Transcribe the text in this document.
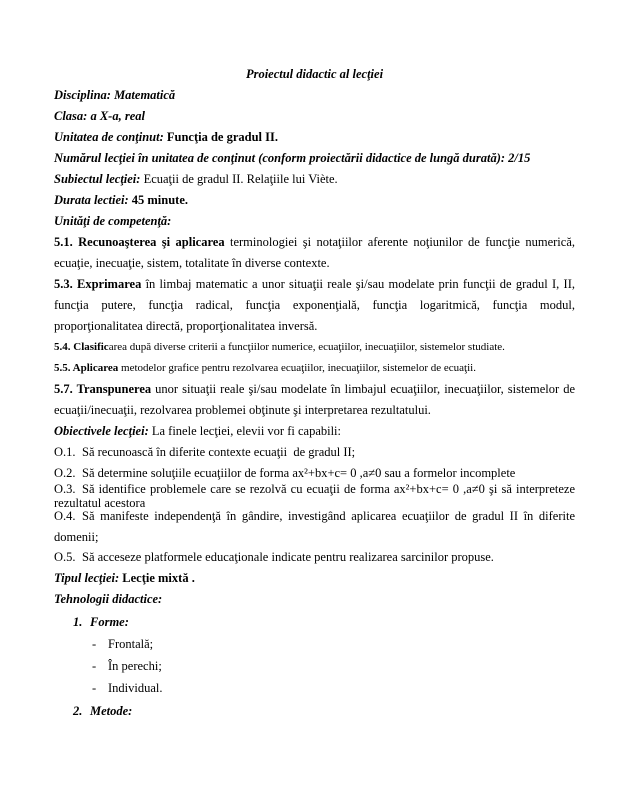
Proiectul didactic al lecţiei

Disciplina: Matematică

Clasa: a X-a, real

Unitatea de conţinut: Funcţia de gradul II.

Numărul lecţiei în unitatea de conţinut (conform proiectării didactice de lungă durată): 2/15

Subiectul lecţiei: Ecuaţii de gradul II. Relaţiile lui Viète.

Durata lectiei: 45 minute.

Unităţi de competenţă:

5.1. Recunoaşterea şi aplicarea terminologiei şi notaţiilor aferente noţiunilor de funcţie numerică, ecuaţie, inecuaţie, sistem, totalitate în diverse contexte.

5.3. Exprimarea în limbaj matematic a unor situaţii reale şi/sau modelate prin funcţii de gradul I, II, funcţia putere, funcţia radical, funcţia exponenţială, funcţia logaritmică, funcţia modul, proporţionalitatea directă, proporţionalitatea inversă.

5.4. Clasificarea după diverse criterii a funcţiilor numerice, ecuaţiilor, inecuaţiilor, sistemelor studiate.

5.5. Aplicarea metodelor grafice pentru rezolvarea ecuaţiilor, inecuaţiilor, sistemelor de ecuaţii.

5.7. Transpunerea unor situaţii reale şi/sau modelate în limbajul ecuaţiilor, inecuaţiilor, sistemelor de ecuaţii/inecuaţii, rezolvarea problemei obţinute şi interpretarea rezultatului.

Obiectivele lecţiei: La finele lecţiei, elevii vor fi capabili:

O.1. Să recunoască în diferite contexte ecuaţii  de gradul II;

O.2. Să determine soluţiile ecuaţiilor de forma ax²+bx+c= 0 ,a≠0 sau a formelor incomplete

O.3. Să identifice problemele care se rezolvă cu ecuaţii de forma ax²+bx+c= 0 ,a≠0 şi să interpreteze rezultatul acestora

O.4. Să manifeste independenţă în gândire, investigând aplicarea ecuaţiilor de gradul II în diferite domenii;

O.5. Să acceseze platformele educaţionale indicate pentru realizarea sarcinilor propuse.

Tipul lecţiei: Lecţie mixtă .

Tehnologii didactice:

1. Forme:

- Frontală;

- În perechi;

- Individual.

2. Metode:
